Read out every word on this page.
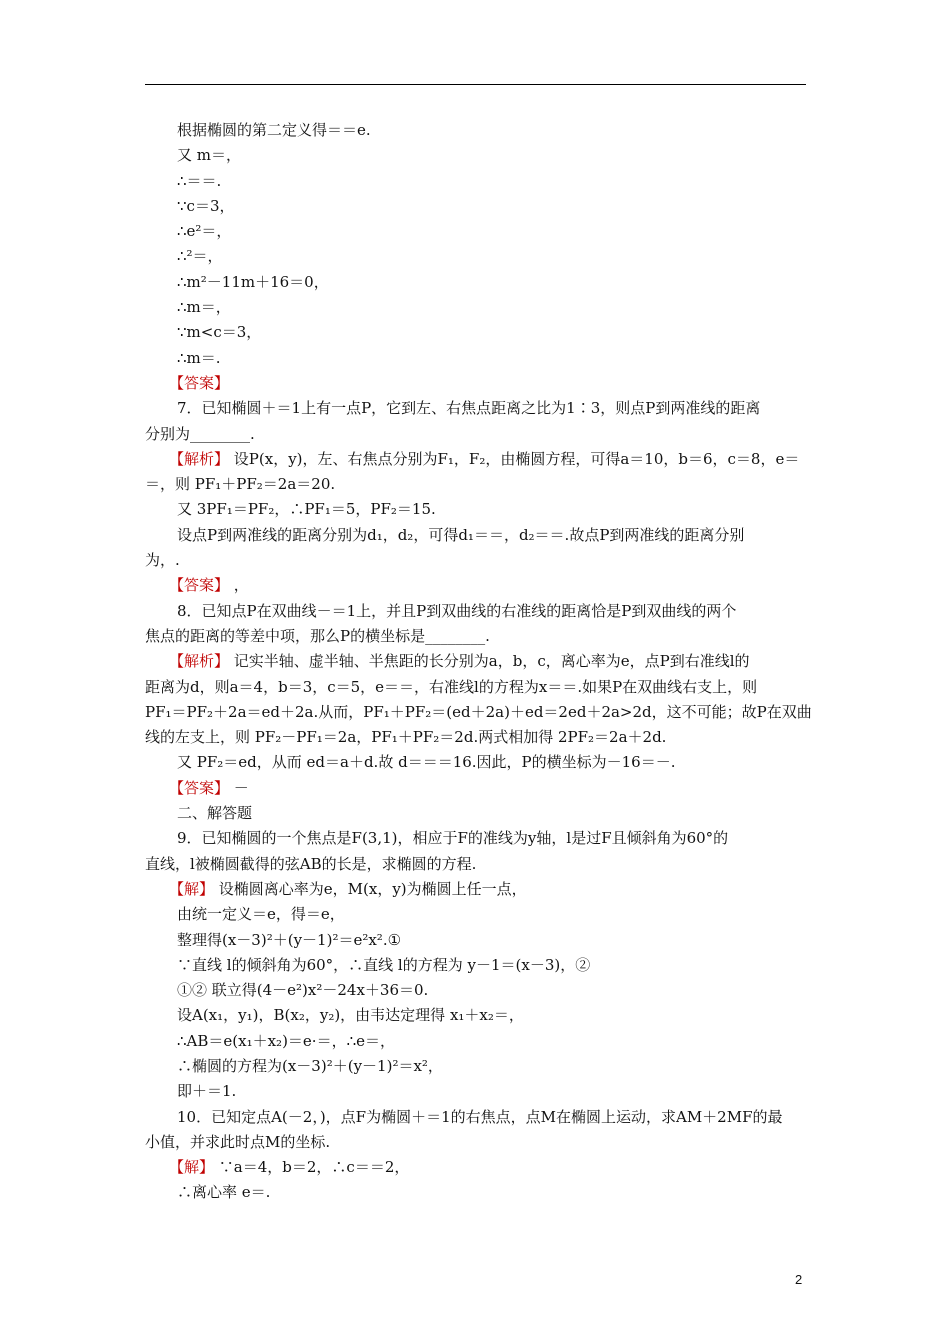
根据椭圆的第二定义得＝＝e.
又 m＝，
∴＝＝.
∵c＝3，
∴e²＝，
∴²＝，
∴m²－11m＋16＝0，
∴m＝，
∵m<c＝3，
∴m＝.
【答案】
7．已知椭圆＋＝1上有一点P，它到左、右焦点距离之比为1∶3，则点P到两准线的距离
分别为________.
【解析】 设P(x，y)，左、右焦点分别为F₁，F₂，由椭圆方程，可得a＝10，b＝6，c＝8，e＝
＝，则 PF₁＋PF₂＝2a＝20.
又 3PF₁＝PF₂，∴PF₁＝5，PF₂＝15.
设点P到两准线的距离分别为d₁，d₂，可得d₁＝＝，d₂＝＝.故点P到两准线的距离分别
为，.
【答案】 ，
8．已知点P在双曲线－＝1上，并且P到双曲线的右准线的距离恰是P到双曲线的两个
焦点的距离的等差中项，那么P的横坐标是________.
【解析】 记实半轴、虚半轴、半焦距的长分别为a，b，c，离心率为e，点P到右准线l的
距离为d，则a＝4，b＝3，c＝5，e＝＝，右准线l的方程为x＝＝.如果P在双曲线右支上，则
PF₁＝PF₂＋2a＝ed＋2a.从而，PF₁＋PF₂＝(ed＋2a)＋ed＝2ed＋2a>2d，这不可能；故P在双曲
线的左支上，则 PF₂－PF₁＝2a，PF₁＋PF₂＝2d.两式相加得 2PF₂＝2a＋2d.
又 PF₂＝ed，从而 ed＝a＋d.故 d＝＝＝16.因此，P的横坐标为－16＝－.
【答案】 －
二、解答题
9．已知椭圆的一个焦点是F(3,1)，相应于F的准线为y轴，l是过F且倾斜角为60°的
直线，l被椭圆截得的弦AB的长是，求椭圆的方程.
【解】 设椭圆离心率为e，M(x，y)为椭圆上任一点，
由统一定义＝e，得＝e，
整理得(x－3)²＋(y－1)²＝e²x².①
∵直线 l的倾斜角为60°，∴直线 l的方程为 y－1＝(x－3)，②
①② 联立得(4－e²)x²－24x＋36＝0.
设A(x₁，y₁)，B(x₂，y₂)，由韦达定理得 x₁＋x₂＝，
∴AB＝e(x₁＋x₂)＝e·＝，∴e＝，
∴椭圆的方程为(x－3)²＋(y－1)²＝x²，
即＋＝1.
10．已知定点A(－2，)，点F为椭圆＋＝1的右焦点，点M在椭圆上运动，求AM＋2MF的最
小值，并求此时点M的坐标.
【解】 ∵a＝4，b＝2，∴c＝＝2，
∴离心率 e＝.
2
